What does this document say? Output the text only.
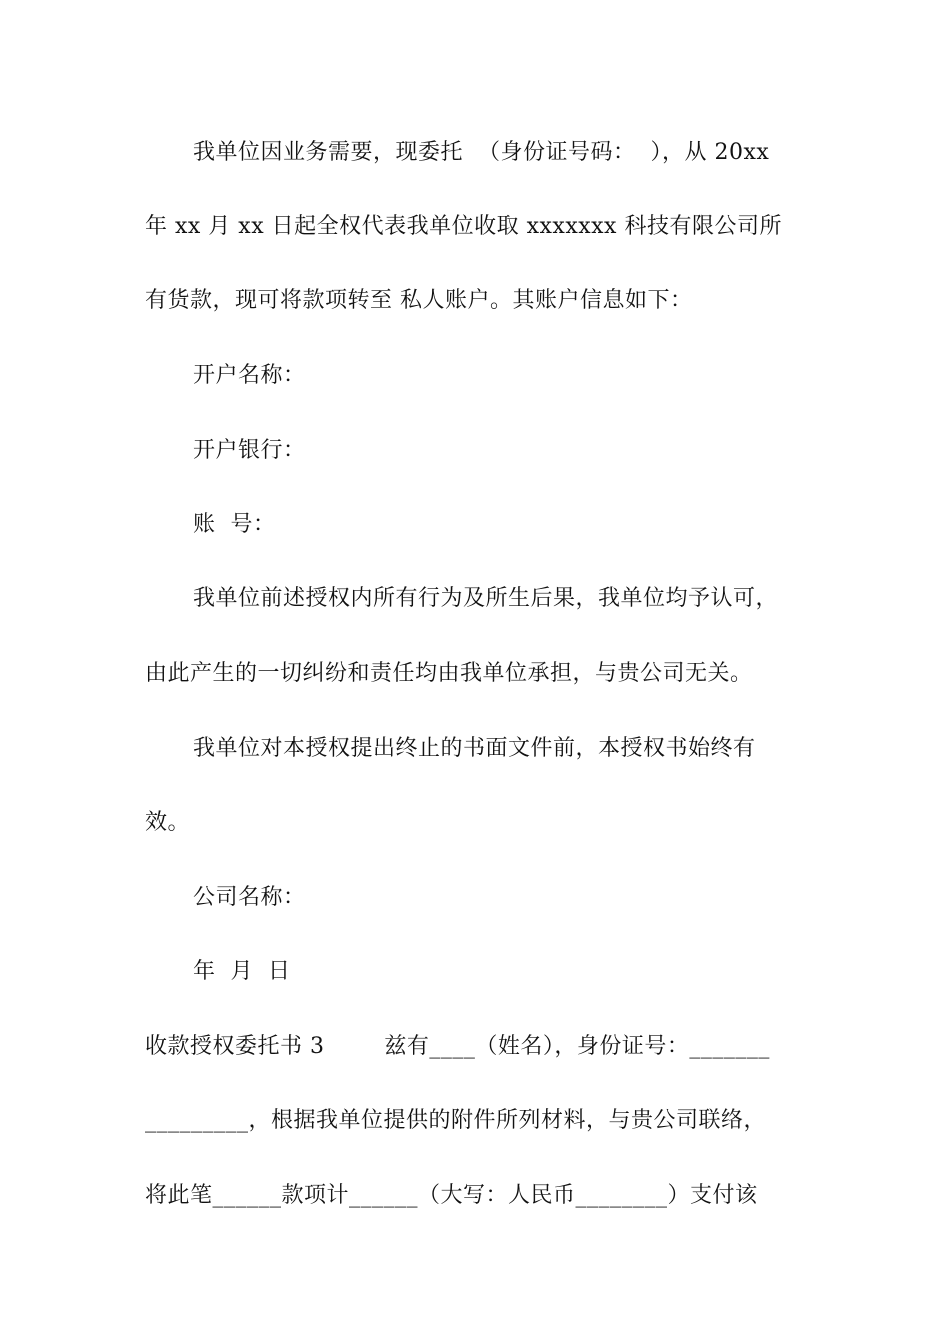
我单位因业务需要，现委托  （身份证号码：  ），从 20xx
年 xx 月 xx 日起全权代表我单位收取 xxxxxxx 科技有限公司所
有货款，现可将款项转至 私人账户。其账户信息如下：
开户名称：
开户银行：
账  号：
我单位前述授权内所有行为及所生后果，我单位均予认可，
由此产生的一切纠纷和责任均由我单位承担，与贵公司无关。
我单位对本授权提出终止的书面文件前，本授权书始终有
效。
公司名称：
年  月  日
收款授权委托书 3        兹有____（姓名），身份证号：_______
_________，根据我单位提供的附件所列材料，与贵公司联络，
将此笔______款项计______（大写：人民币________）支付该
